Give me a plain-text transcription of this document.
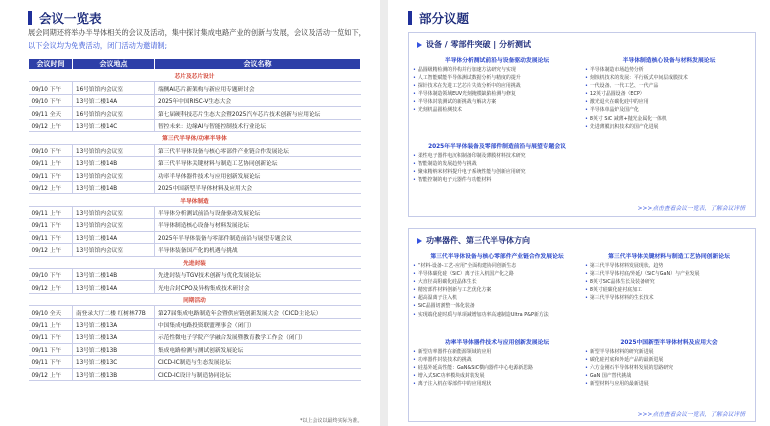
会议一览表
展会同期还将举办半导体相关的会议及活动，集中探讨集成电路产业的创新与发展，会议及活动一览如下，以下会议均为免费活动，闭门活动为邀请制;
会议时间	会议地点	会议名称
芯片及芯片设计		
09/10 下午	16号馆馆内会议室	端侧AI芯片新架构与新应用专题研讨会
09/10 下午	13号馆二楼14A	2025年中国RISC-V生态大会
09/11 全天	16号馆馆内会议室	第七届硬科技芯片生态大会暨2025汽车芯片技术创新与应用论坛
09/12 上午	13号馆二楼14C	智控未来：边缘AI与智能控制技术行业论坛
第三代半导体/功率半导体		
09/10 下午	13号馆馆内会议室	第三代半导体设备与核心零部件产业链合作发展论坛
09/11 上午	13号馆二楼14B	第三代半导体关键材料与制造工艺协同创新论坛
09/11 下午	13号馆馆内会议室	功率半导体器件技术与应用创新发展论坛
09/12 上午	13号馆二楼14B	2025中国新型半导体材料及应用大会
半导体制造		
09/11 上午	13号馆馆内会议室	半导体分析测试前沿与设备驱动发展论坛
09/11 下午	13号馆馆内会议室	半导体制造核心设备与材料发展论坛
09/11 下午	13号馆二楼14A	2025年半导体装备与零部件制造前沿与展望专题会议
09/12 上午	13号馆馆内会议室	半导体装备国产化的机遇与挑战
先进封装		
09/10 下午	13号馆二楼14B	先进封装与TGV技术创新与优化发展论坛
09/12 上午	13号馆二楼14A	光电合封CPO及异构集成技术研讨会
同期活动		
09/10 全天	南登录大厅二楼 红树林77B	第27届集成电路制造年会暨供应链创新发展大会（CICD主论坛）
09/11 上午	13号馆二楼13A	中国集成电路投资联盟理事会（闭门）
09/11 下午	13号馆二楼13A	示范性微电子学院产学融合发展暨教育教学工作会（闭门）
09/11 下午	13号馆二楼13B	集成电路检测与测试创新发展论坛
09/11 下午	13号馆二楼13C	CICD-IC制造与生态发展论坛
09/12 上午	13号馆二楼13B	CICD-IC设计与制造协同论坛
*以上会议以最终实际为准。
部分议题
设备 / 零部件突破 | 分析测试
>>>点击查看会议一览表，了解会议详情
半导体分析测试前沿与设备驱动发展论坛
• 晶圆级精检测的异构并行加速方法研究与实现
• 人工智能赋能半导体测试数据分析与精度的提升
• 探针技术在先进工艺芯片失效分析中的应用挑战
• 半导体制造领域EUV光刻掩模缺陷检测与修复
• 半导体封装测试的新挑战与解决方案
• 光刻机晶圆检测技术
半导体制造核心设备与材料发展论坛
• 半导体制造市场趋势分析
• 刻蚀机技术的发展：平行板式中间层成膜技术
• 一代设备、一代工艺、一代产品
• 12英寸晶圆设备（ECP）
• 激光退火在碳化硅中的应用
• 半导体单晶炉及国产化
• 8英寸 SiC 减薄+抛光金属化一体机
• 先进薄膜沉积技术的国产化进展
2025年半导体装备及零部件制造前沿与展望专题会议
• 柔性电子器件电沉积制备印制及薄膜材料技术研究
• 智能制造的发展趋势与挑战
• 聚束精纳米材料提升电子系统性能与创新应用研究
• 智能控制的电子元器件与功能材料
功率器件、第三代半导体方向
>>>点击查看会议一览表，了解会议详情
第三代半导体设备与核心零部件产业链合作发展论坛
• “材料-设备-工艺-应用”全面构建协同创新生态
• 半导体碳化硅（SiC）离子注入机国产化之路
• 大直径高阻碳化硅晶体生长
• 精密部件材料创新与工艺优化方案
• 超高温离子注入机
• SiC晶圆切割整一体化装备
• 实现端化硅时质与单项减增加功率高速制造Ultra P&P新方法
第三代半导体关键材料与制造工艺协同创新论坛
• 第三代半导体材料发展现状、趋势
• 第三代半导体衬底/外延/（SiC与GaN）与产业发展
• 8英寸SiC晶体生长及装备研究
• 8英寸硅碳化硅衬底加工
• 第三代半导体材料的生长技术
功率半导体器件技术与应用创新发展论坛
• 新型功率器件在新能源领域的应用
• 功率器件封装技术的挑战
• 硅基外延高性能：GaN&SiC横向器件中心电源新思路
• 增入式SiC功率模块成封装发展
• 离子注入机在零部件中的应用现状
2025中国新型半导体材料及应用大会
• 新型半导体材料的研究新进展
• 碳化硅衬底和外延产品的最新进展
• 六方金刚石半导体材料发展的思路研究
• GaN 国产替代挑战
• 新型材料与应用的最新进展
